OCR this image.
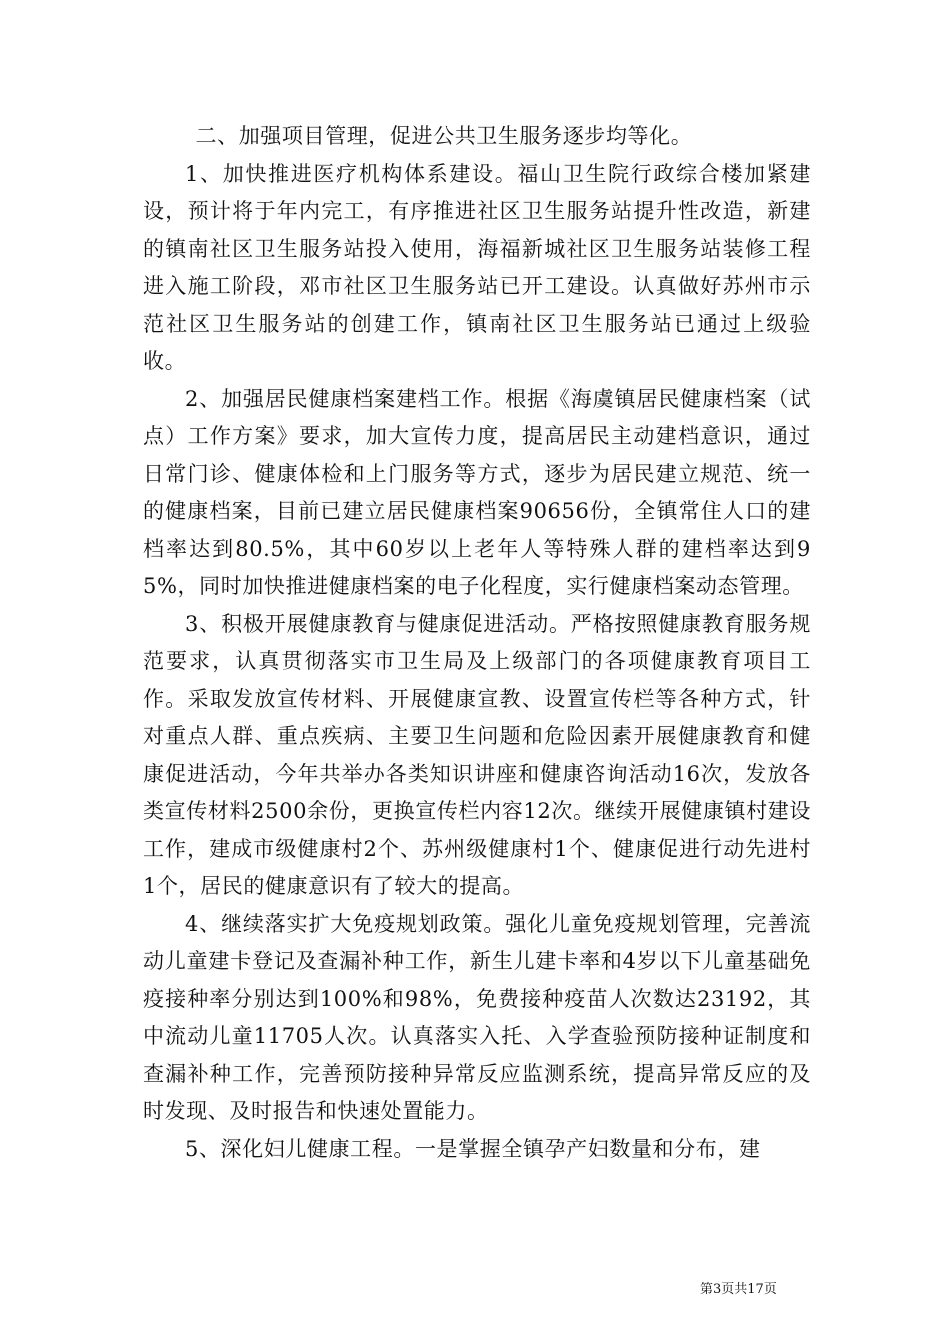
二、加强项目管理，促进公共卫生服务逐步均等化。

1、加快推进医疗机构体系建设。福山卫生院行政综合楼加紧建设，预计将于年内完工，有序推进社区卫生服务站提升性改造，新建的镇南社区卫生服务站投入使用，海福新城社区卫生服务站装修工程进入施工阶段，邓市社区卫生服务站已开工建设。认真做好苏州市示范社区卫生服务站的创建工作，镇南社区卫生服务站已通过上级验收。

2、加强居民健康档案建档工作。根据《海虞镇居民健康档案（试点）工作方案》要求，加大宣传力度，提高居民主动建档意识，通过日常门诊、健康体检和上门服务等方式，逐步为居民建立规范、统一的健康档案，目前已建立居民健康档案90656份，全镇常住人口的建档率达到80.5%，其中60岁以上老年人等特殊人群的建档率达到95%，同时加快推进健康档案的电子化程度，实行健康档案动态管理。

3、积极开展健康教育与健康促进活动。严格按照健康教育服务规范要求，认真贯彻落实市卫生局及上级部门的各项健康教育项目工作。采取发放宣传材料、开展健康宣教、设置宣传栏等各种方式，针对重点人群、重点疾病、主要卫生问题和危险因素开展健康教育和健康促进活动，今年共举办各类知识讲座和健康咨询活动16次，发放各类宣传材料2500余份，更换宣传栏内容12次。继续开展健康镇村建设工作，建成市级健康村2个、苏州级健康村1个、健康促进行动先进村1个，居民的健康意识有了较大的提高。

4、继续落实扩大免疫规划政策。强化儿童免疫规划管理，完善流动儿童建卡登记及查漏补种工作，新生儿建卡率和4岁以下儿童基础免疫接种率分别达到100%和98%，免费接种疫苗人次数达23192，其中流动儿童11705人次。认真落实入托、入学查验预防接种证制度和查漏补种工作，完善预防接种异常反应监测系统，提高异常反应的及时发现、及时报告和快速处置能力。

5、深化妇儿健康工程。一是掌握全镇孕产妇数量和分布，建

第3页共17页
